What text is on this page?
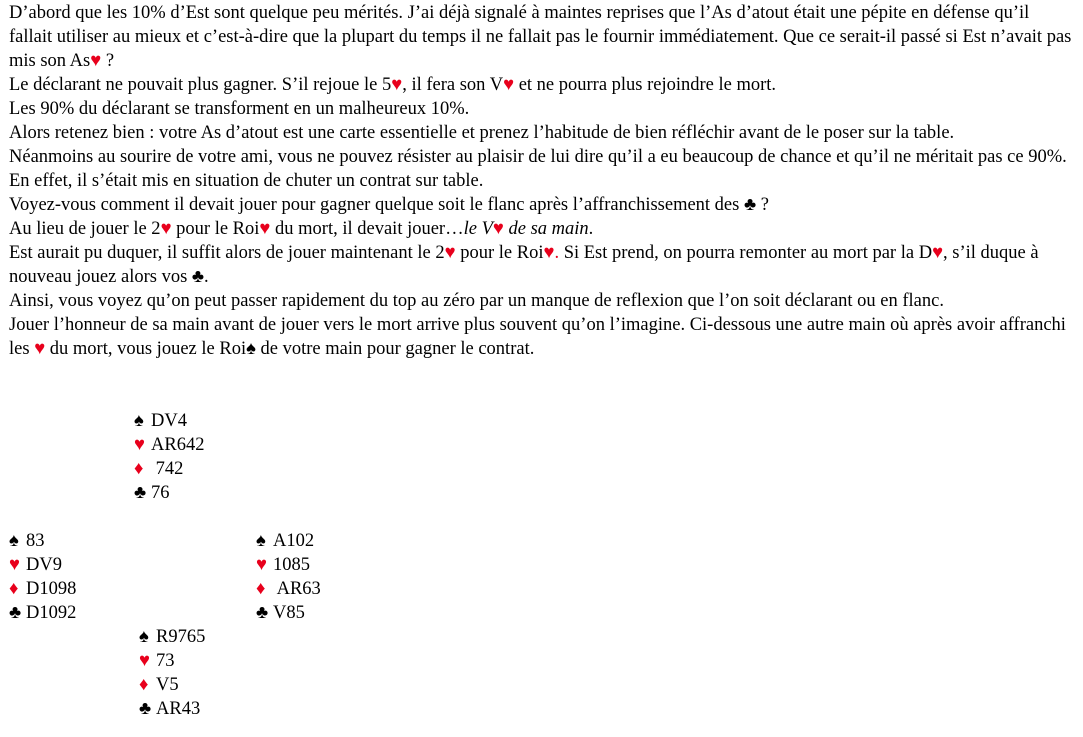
D’abord que les 10% d’Est sont quelque peu mérités. J’ai déjà signalé à maintes reprises que l’As d’atout était une pépite en défense qu’il fallait utiliser au mieux et c’est-à-dire que la plupart du temps il ne fallait pas le fournir immédiatement. Que ce serait-il passé si Est n’avait pas mis son As♥ ?

Le déclarant ne pouvait plus gagner. S’il rejoue le 5♥, il fera son V♥ et ne pourra plus rejoindre le mort.

Les 90% du déclarant se transforment en un malheureux 10%.

Alors retenez bien : votre As d’atout est une carte essentielle et prenez l’habitude de bien réfléchir avant de le poser sur la table.

Néanmoins au sourire de votre ami, vous ne pouvez résister au plaisir de lui dire qu’il a eu beaucoup de chance et qu’il ne méritait pas ce 90%.

En effet, il s’était mis en situation de chuter un contrat sur table.

Voyez-vous comment il devait jouer pour gagner quelque soit le flanc après l’affranchissement des ♣ ?

Au lieu de jouer le 2♥ pour le Roi♥ du mort, il devait jouer…le V♥ de sa main.

Est aurait pu duquer, il suffit alors de jouer maintenant le 2♥ pour le Roi♥. Si Est prend, on pourra remonter au mort par la D♥, s’il duque à nouveau jouez alors vos ♣.

Ainsi, vous voyez qu’on peut passer rapidement du top au zéro par un manque de reflexion que l’on soit déclarant ou en flanc.

Jouer l’honneur de sa main avant de jouer vers le mort arrive plus souvent qu’on l’imagine. Ci-dessous une autre main où après avoir affranchi les ♥ du mort, vous jouez le Roi♠ de votre main pour gagner le contrat.

♠ DV4
♥ AR642
♦ 742
♣ 76
♠ 83
♥ DV9
♦ D1098
♣ D1092
♠ A102
♥ 1085
♦ AR63
♣ V85
♠ R9765
♥ 73
♦ V5
♣ AR43
